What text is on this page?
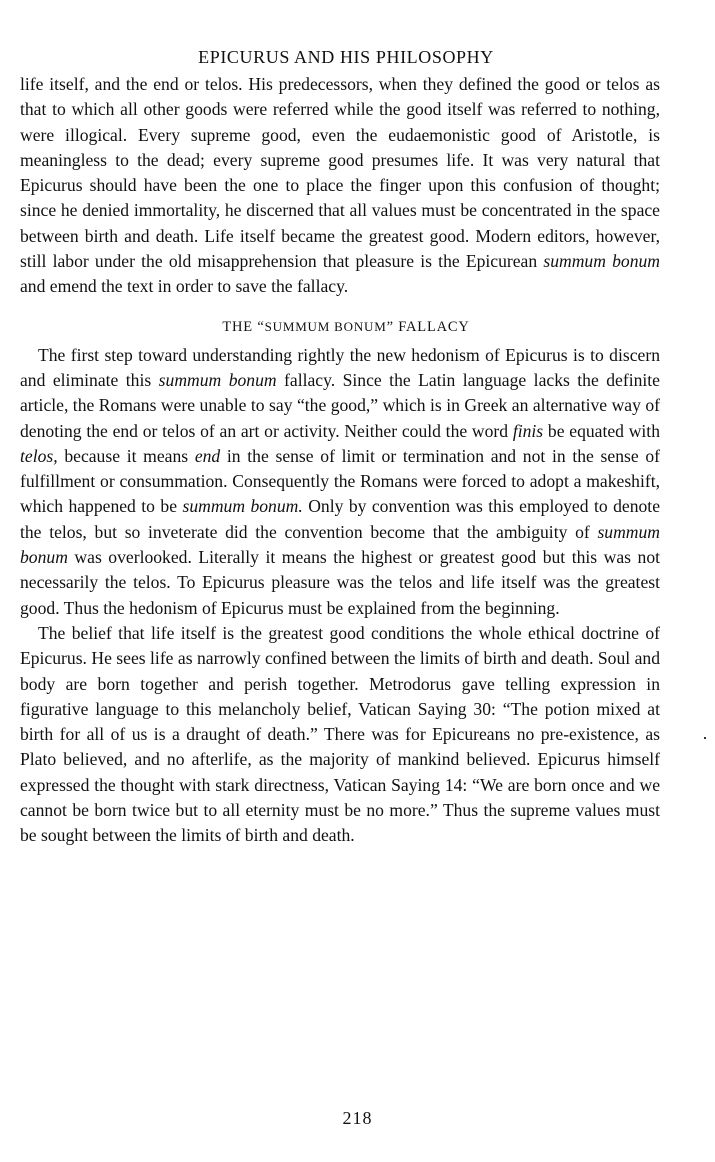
EPICURUS AND HIS PHILOSOPHY

life itself, and the end or telos. His predecessors, when they defined the good or telos as that to which all other goods were referred while the good itself was referred to nothing, were illogical. Every supreme good, even the eudaemonistic good of Aristotle, is meaningless to the dead; every supreme good presumes life. It was very natural that Epicurus should have been the one to place the finger upon this confusion of thought; since he denied immortality, he discerned that all values must be concentrated in the space between birth and death. Life itself became the greatest good. Modern editors, however, still labor under the old misapprehension that pleasure is the Epicurean summum bonum and emend the text in order to save the fallacy.

THE “SUMMUM BONUM” FALLACY

The first step toward understanding rightly the new hedonism of Epicurus is to discern and eliminate this summum bonum fallacy. Since the Latin language lacks the definite article, the Romans were unable to say “the good,” which is in Greek an alternative way of denoting the end or telos of an art or activity. Neither could the word finis be equated with telos, because it means end in the sense of limit or termination and not in the sense of fulfillment or consummation. Consequently the Romans were forced to adopt a makeshift, which happened to be summum bonum. Only by convention was this employed to denote the telos, but so inveterate did the convention become that the ambiguity of summum bonum was overlooked. Literally it means the highest or greatest good but this was not necessarily the telos. To Epicurus pleasure was the telos and life itself was the greatest good. Thus the hedonism of Epicurus must be explained from the beginning.

The belief that life itself is the greatest good conditions the whole ethical doctrine of Epicurus. He sees life as narrowly confined between the limits of birth and death. Soul and body are born together and perish together. Metrodorus gave telling expression in figurative language to this melancholy belief, Vatican Saying 30: “The potion mixed at birth for all of us is a draught of death.” There was for Epicureans no pre-existence, as Plato believed, and no afterlife, as the majority of mankind believed. Epicurus himself expressed the thought with stark directness, Vatican Saying 14: “We are born once and we cannot be born twice but to all eternity must be no more.” Thus the supreme values must be sought between the limits of birth and death.

218
